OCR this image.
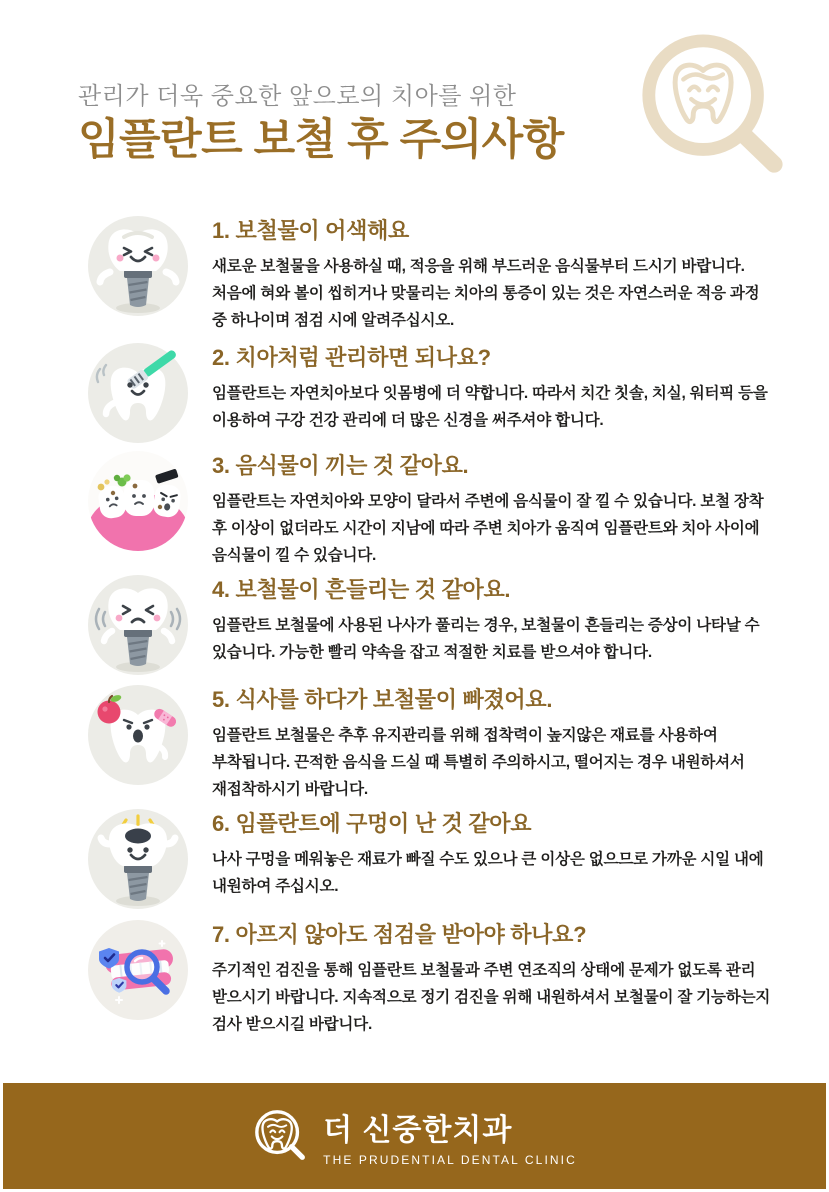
관리가 더욱 중요한 앞으로의 치아를 위한
임플란트 보철 후 주의사항
1. 보철물이 어색해요

새로운 보철물을 사용하실 때, 적응을 위해 부드러운 음식물부터 드시기 바랍니다. 처음에 혀와 볼이 씹히거나 맞물리는 치아의 통증이 있는 것은 자연스러운 적응 과정 중 하나이며 점검 시에 알려주십시오.

2. 치아처럼 관리하면 되나요?

임플란트는 자연치아보다 잇몸병에 더 약합니다. 따라서 치간 칫솔, 치실, 워터픽 등을 이용하여 구강 건강 관리에 더 많은 신경을 써주셔야 합니다.

3. 음식물이 끼는 것 같아요.

임플란트는 자연치아와 모양이 달라서 주변에 음식물이 잘 낄 수 있습니다. 보철 장착 후 이상이 없더라도 시간이 지남에 따라 주변 치아가 움직여 임플란트와 치아 사이에 음식물이 낄 수 있습니다.

4. 보철물이 흔들리는 것 같아요.

임플란트 보철물에 사용된 나사가 풀리는 경우, 보철물이 흔들리는 증상이 나타날 수 있습니다. 가능한 빨리 약속을 잡고 적절한 치료를 받으셔야 합니다.

5. 식사를 하다가 보철물이 빠졌어요.

임플란트 보철물은 추후 유지관리를 위해 접착력이 높지않은 재료를 사용하여 부착됩니다. 끈적한 음식을 드실 때 특별히 주의하시고, 떨어지는 경우 내원하셔서 재접착하시기 바랍니다.

6. 임플란트에 구멍이 난 것 같아요

나사 구멍을 메워놓은 재료가 빠질 수도 있으나 큰 이상은 없으므로 가까운 시일 내에 내원하여 주십시오.

7. 아프지 않아도 점검을 받아야 하나요?

주기적인 검진을 통해 임플란트 보철물과 주변 연조직의 상태에 문제가 없도록 관리 받으시기 바랍니다. 지속적으로 정기 검진을 위해 내원하셔서 보철물이 잘 기능하는지 검사 받으시길 바랍니다.

더 신중한치과
THE PRUDENTIAL DENTAL CLINIC
